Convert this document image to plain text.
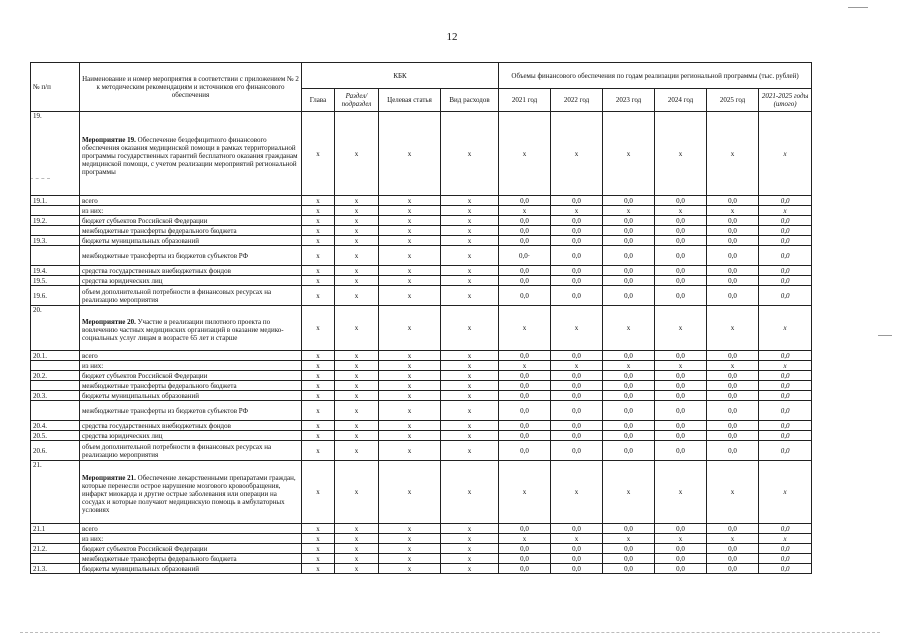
12
№ п/п	Наименование и номер мероприятия в соответствии с приложением № 2 к методическим рекомендациям и источников его финансового обеспечения	КБК				Объемы финансового обеспечения по годам реализации региональной программы (тыс. рублей)					
		Глава	Раздел/ подраздел	Целевая статья	Вид расходов	2021 год	2022 год	2023 год	2024 год	2025 год	2021-2025 годы (итого)
19.	Мероприятие 19. Обеспечение бездефицитного финансового обеспечения оказания медицинской помощи в рамках территориальной программы государственных гарантий бесплатного оказания гражданам медицинской помощи, с учетом реализации мероприятий региональной программы	х	х	х	х	х	х	х	х	х	х
19.1.	всего	х	х	х	х	0,0	0,0	0,0	0,0	0,0	0,0
	из них:	х	х	х	х	х	х	х	х	х	х
19.2.	бюджет субъектов Российской Федерации	х	х	х	х	0,0	0,0	0,0	0,0	0,0	0,0
	межбюджетные трансферты федерального бюджета	х	х	х	х	0,0	0,0	0,0	0,0	0,0	0,0
19.3.	бюджеты муниципальных образований	х	х	х	х	0,0	0,0	0,0	0,0	0,0	0,0
	межбюджетные трансферты из бюджетов субъектов РФ	х	х	х	х	0,0·	0,0	0,0	0,0	0,0	0,0
19.4.	средства государственных внебюджетных фондов	х	х	х	х	0,0	0,0	0,0	0,0	0,0	0,0
19.5.	средства юридических лиц	х	х	х	х	0,0	0,0	0,0	0,0	0,0	0,0
19.6.	объем дополнительной потребности в финансовых ресурсах на реализацию мероприятия	х	х	х	х	0,0	0,0	0,0	0,0	0,0	0,0
20.	Мероприятие 20. Участие в реализации пилотного проекта по вовлечению частных медицинских организаций в оказание медико-социальных услуг лицам в возрасте 65 лет и старше	х	х	х	х	х	х	х	х	х	х
20.1.	всего	х	х	х	х	0,0	0,0	0,0	0,0	0,0	0,0
	из них:	х	х	х	х	х	х	х	х	х	х
20.2.	бюджет субъектов Российской Федерации	х	х	х	х	0,0	0,0	0,0	0,0	0,0	0,0
	межбюджетные трансферты федерального бюджета	х	х	х	х	0,0	0,0	0,0	0,0	0,0	0,0
20.3.	бюджеты муниципальных образований	х	х	х	х	0,0	0,0	0,0	0,0	0,0	0,0
	межбюджетные трансферты из бюджетов субъектов РФ	х	х	х	х	0,0	0,0	0,0	0,0	0,0	0,0
20.4.	средства государственных внебюджетных фондов	х	х	х	х	0,0	0,0	0,0	0,0	0,0	0,0
20.5.	средства юридических лиц	х	х	х	х	0,0	0,0	0,0	0,0	0,0	0,0
20.6.	объем дополнительной потребности в финансовых ресурсах на реализацию мероприятия	х	х	х	х	0,0	0,0	0,0	0,0	0,0	0,0
21.	Мероприятие 21. Обеспечение лекарственными препаратами граждан, которые перенесли острое нарушение мозгового кровообращения, инфаркт миокарда и другие острые заболевания или операции на сосудах и которые получают медицинскую помощь в амбулаторных условиях	х	х	х	х	х	х	х	х	х	х
21.1	всего	х	х	х	х	0,0	0,0	0,0	0,0	0,0	0,0
	из них:	х	х	х	х	х	х	х	х	х	х
21.2.	бюджет субъектов Российской Федерации	х	х	х	х	0,0	0,0	0,0	0,0	0,0	0,0
	межбюджетные трансферты федерального бюджета	х	х	х	х	0,0	0,0	0,0	0,0	0,0	0,0
21.3.	бюджеты муниципальных образований	х	х	х	х	0,0	0,0	0,0	0,0	0,0	0,0
